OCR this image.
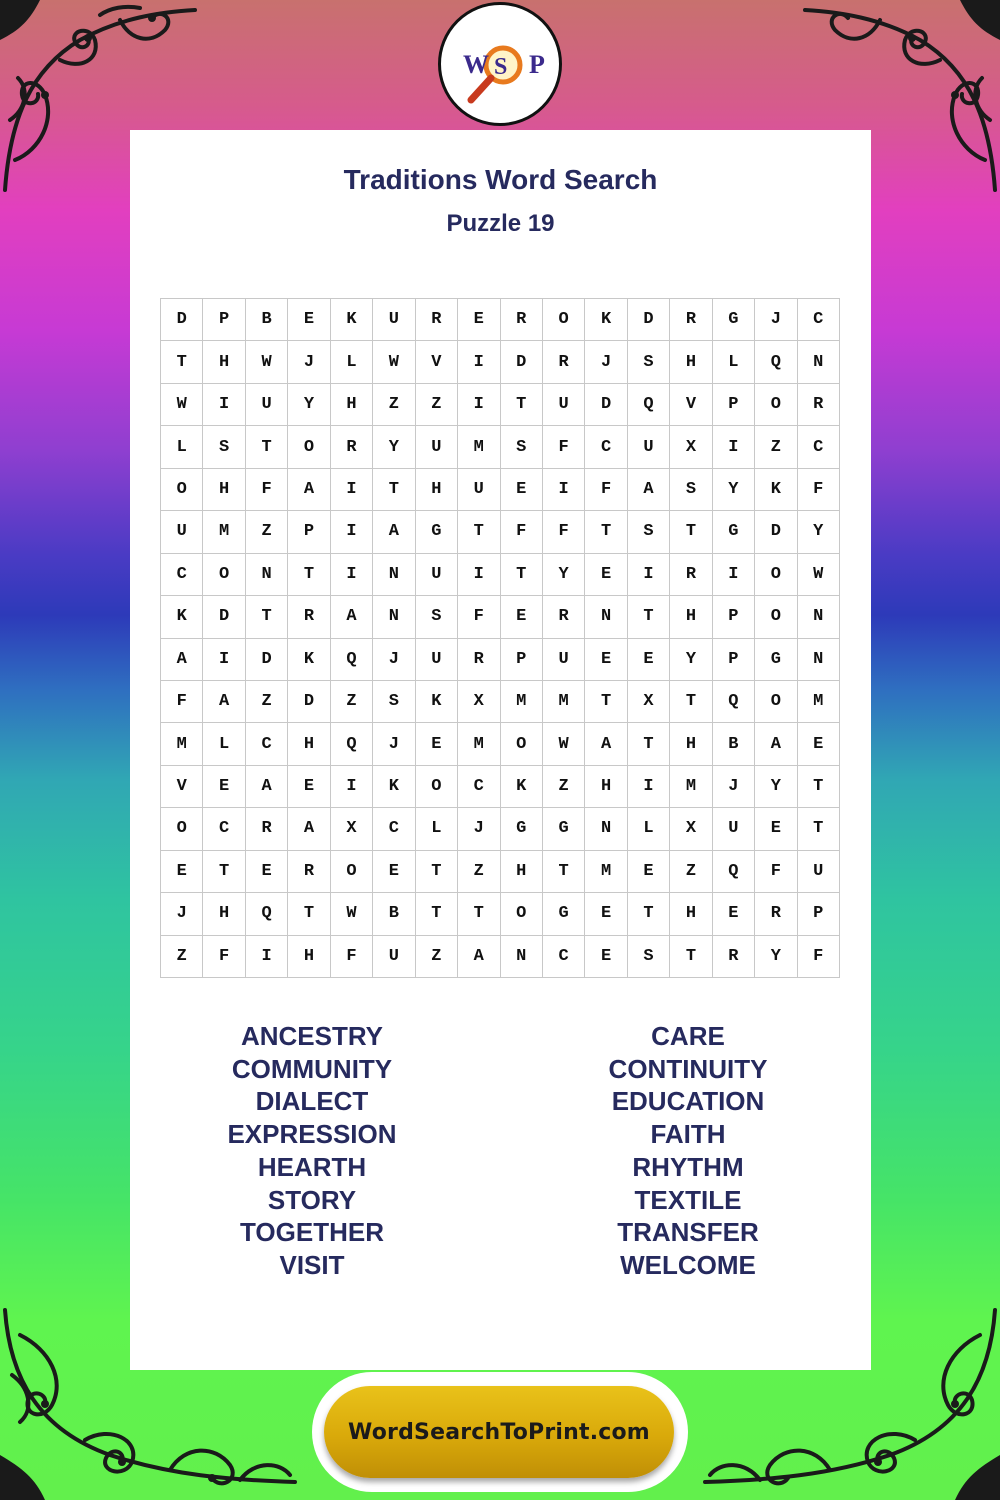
W S P
Traditions Word Search
Puzzle 19
D	P	B	E	K	U	R	E	R	O	K	D	R	G	J	C
T	H	W	J	L	W	V	I	D	R	J	S	H	L	Q	N
W	I	U	Y	H	Z	Z	I	T	U	D	Q	V	P	O	R
L	S	T	O	R	Y	U	M	S	F	C	U	X	I	Z	C
O	H	F	A	I	T	H	U	E	I	F	A	S	Y	K	F
U	M	Z	P	I	A	G	T	F	F	T	S	T	G	D	Y
C	O	N	T	I	N	U	I	T	Y	E	I	R	I	O	W
K	D	T	R	A	N	S	F	E	R	N	T	H	P	O	N
A	I	D	K	Q	J	U	R	P	U	E	E	Y	P	G	N
F	A	Z	D	Z	S	K	X	M	M	T	X	T	Q	O	M
M	L	C	H	Q	J	E	M	O	W	A	T	H	B	A	E
V	E	A	E	I	K	O	C	K	Z	H	I	M	J	Y	T
O	C	R	A	X	C	L	J	G	G	N	L	X	U	E	T
E	T	E	R	O	E	T	Z	H	T	M	E	Z	Q	F	U
J	H	Q	T	W	B	T	T	O	G	E	T	H	E	R	P
Z	F	I	H	F	U	Z	A	N	C	E	S	T	R	Y	F
ANCESTRY
COMMUNITY
DIALECT
EXPRESSION
HEARTH
STORY
TOGETHER
VISIT
CARE
CONTINUITY
EDUCATION
FAITH
RHYTHM
TEXTILE
TRANSFER
WELCOME
WordSearchToPrint.com
